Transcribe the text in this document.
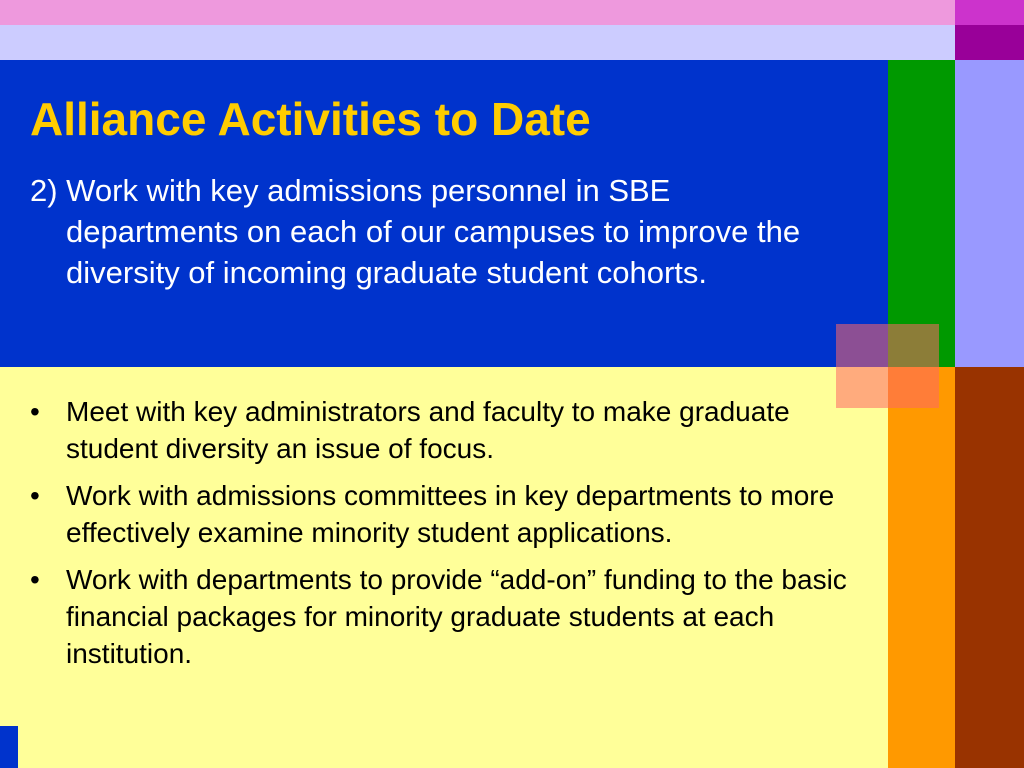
Alliance Activities to Date

2) Work with key admissions personnel in SBE departments on each of our campuses to improve the diversity of incoming graduate student cohorts.

• Meet with key administrators and faculty to make graduate student diversity an issue of focus.
• Work with admissions committees in key departments to more effectively examine minority student applications.
• Work with departments to provide “add-on” funding to the basic financial packages for minority graduate students at each institution.
